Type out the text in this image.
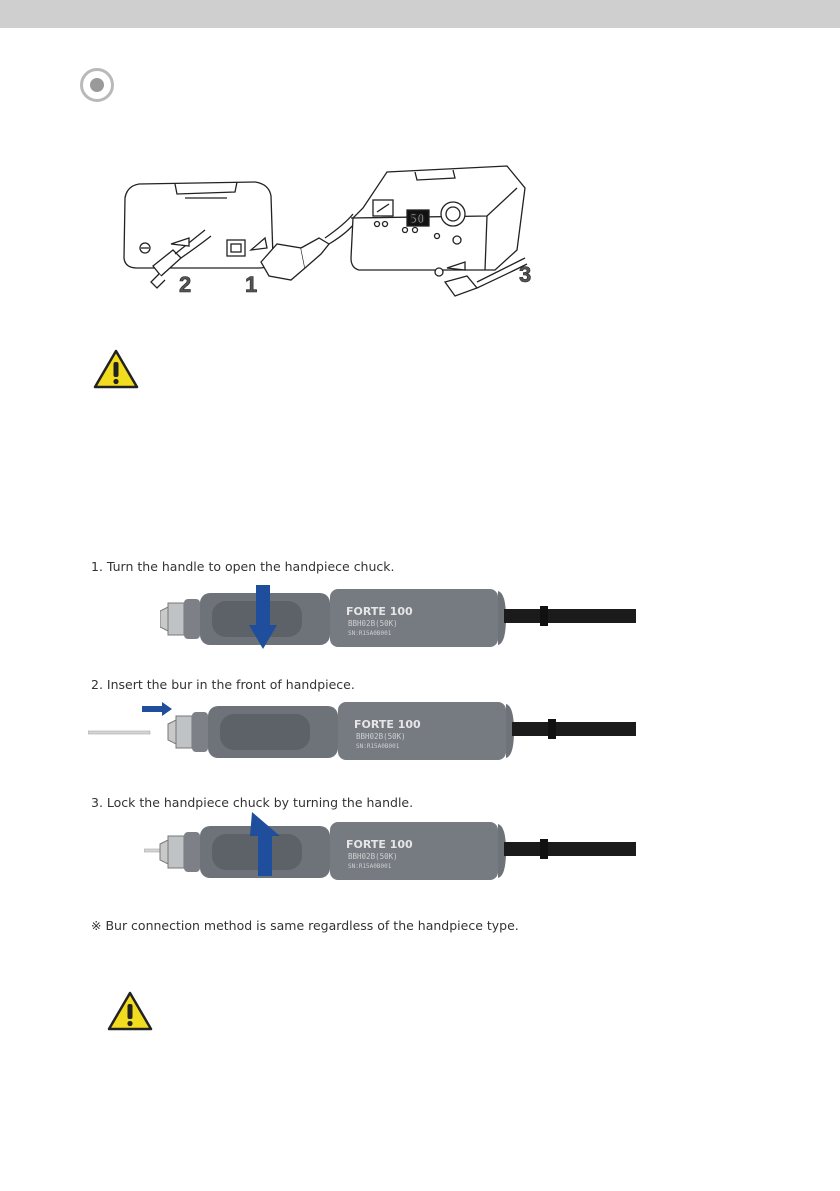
50
2 1	3
1. Turn the handle to open the handpiece chuck.
FORTE 100
BBH02B(50K)
SN:R15A0B001
2. Insert the bur in the front of handpiece.
FORTE 100
BBH02B(50K)
SN:R15A0B001
3. Lock the handpiece chuck by turning the handle.
FORTE 100
BBH02B(50K)
SN:R15A0B001
※ Bur connection method is same regardless of the handpiece type.
